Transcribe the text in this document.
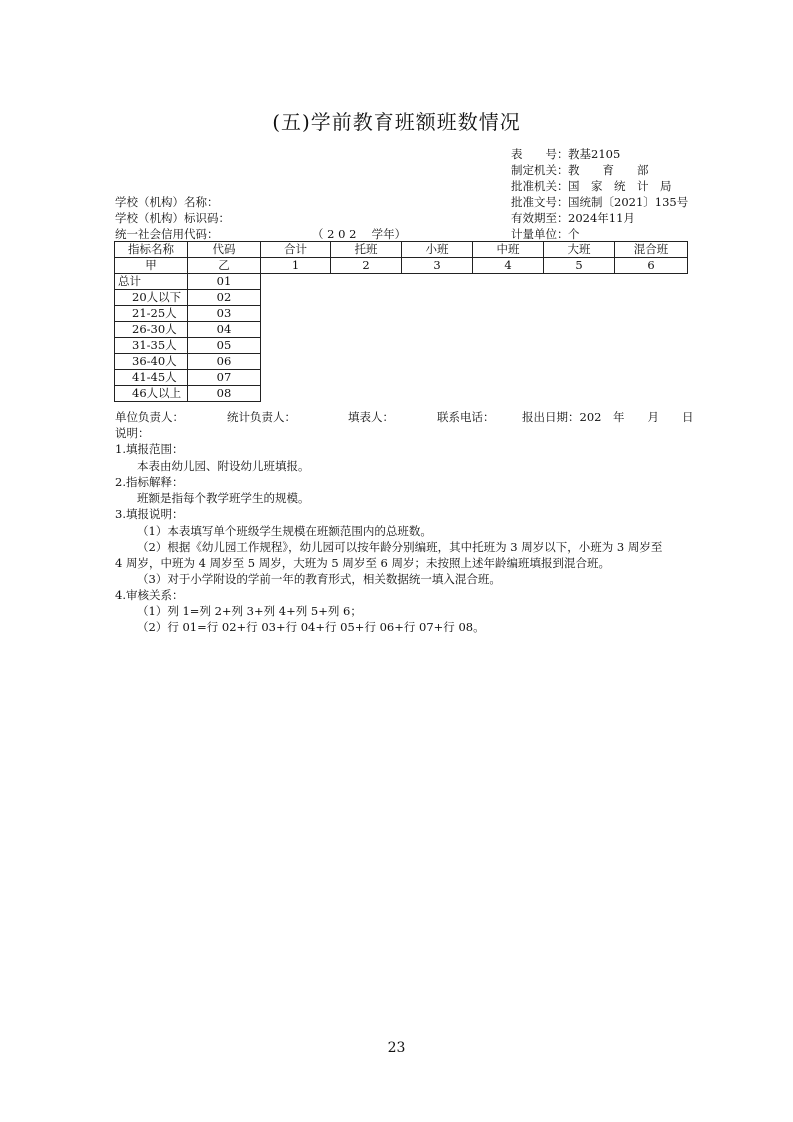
(五)学前教育班额班数情况
表　　号：教基2105
制定机关：教　　育　　部
批准机关：国　家　统　计　局
批准文号：国统制〔2021〕135号
有效期至：2024年11月
计量单位：个
学校（机构）名称：
学校（机构）标识码：
统一社会信用代码：	（ 2 0 2 　学年）
指标名称	代码	合计	托班	小班	中班	大班	混合班
甲	乙	1	2	3	4	5	6
总计	01						
20人以下	02						
21-25人	03						
26-30人	04						
31-35人	05						
36-40人	06						
41-45人	07						
46人以上	08						
单位负责人：	统计负责人：	填表人：	联系电话： 报出日期：202　年　　月　　日
说明：
1.填报范围：
本表由幼儿园、附设幼儿班填报。
2.指标解释：
班额是指每个教学班学生的规模。
3.填报说明：
（1）本表填写单个班级学生规模在班额范围内的总班数。
（2）根据《幼儿园工作规程》，幼儿园可以按年龄分别编班，其中托班为 3 周岁以下，小班为 3 周岁至
4 周岁，中班为 4 周岁至 5 周岁，大班为 5 周岁至 6 周岁；未按照上述年龄编班填报到混合班。
（3）对于小学附设的学前一年的教育形式，相关数据统一填入混合班。
4.审核关系：
（1）列 1=列 2+列 3+列 4+列 5+列 6；
（2）行 01=行 02+行 03+行 04+行 05+行 06+行 07+行 08。
23
